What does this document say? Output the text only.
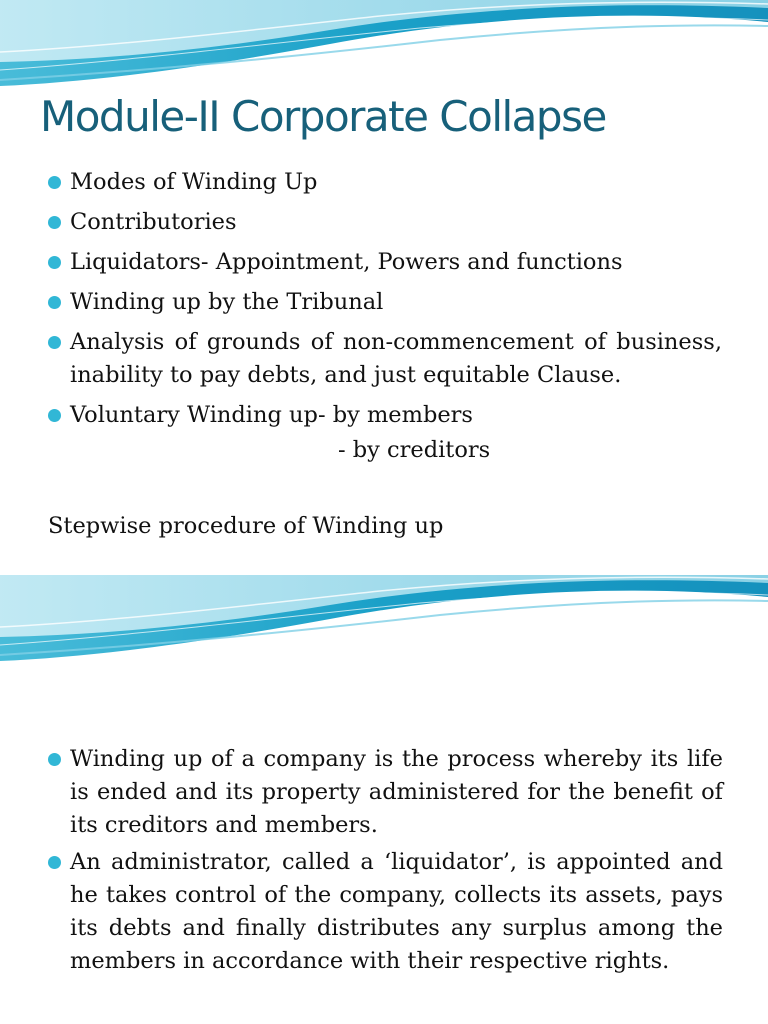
Module-II Corporate Collapse
Modes of Winding Up
Contributories
Liquidators- Appointment, Powers and functions
Winding up by the Tribunal
Analysis of grounds of non-commencement of business, inability to pay debts, and just equitable Clause.
Voluntary Winding up- by members
- by creditors
Stepwise procedure of Winding up
Winding up of a company is the process whereby its life is ended and its property administered for the benefit of its creditors and members.
An administrator, called a ‘liquidator’, is appointed and he takes control of the company, collects its assets, pays its debts and finally distributes any surplus among the members in accordance with their respective rights.
